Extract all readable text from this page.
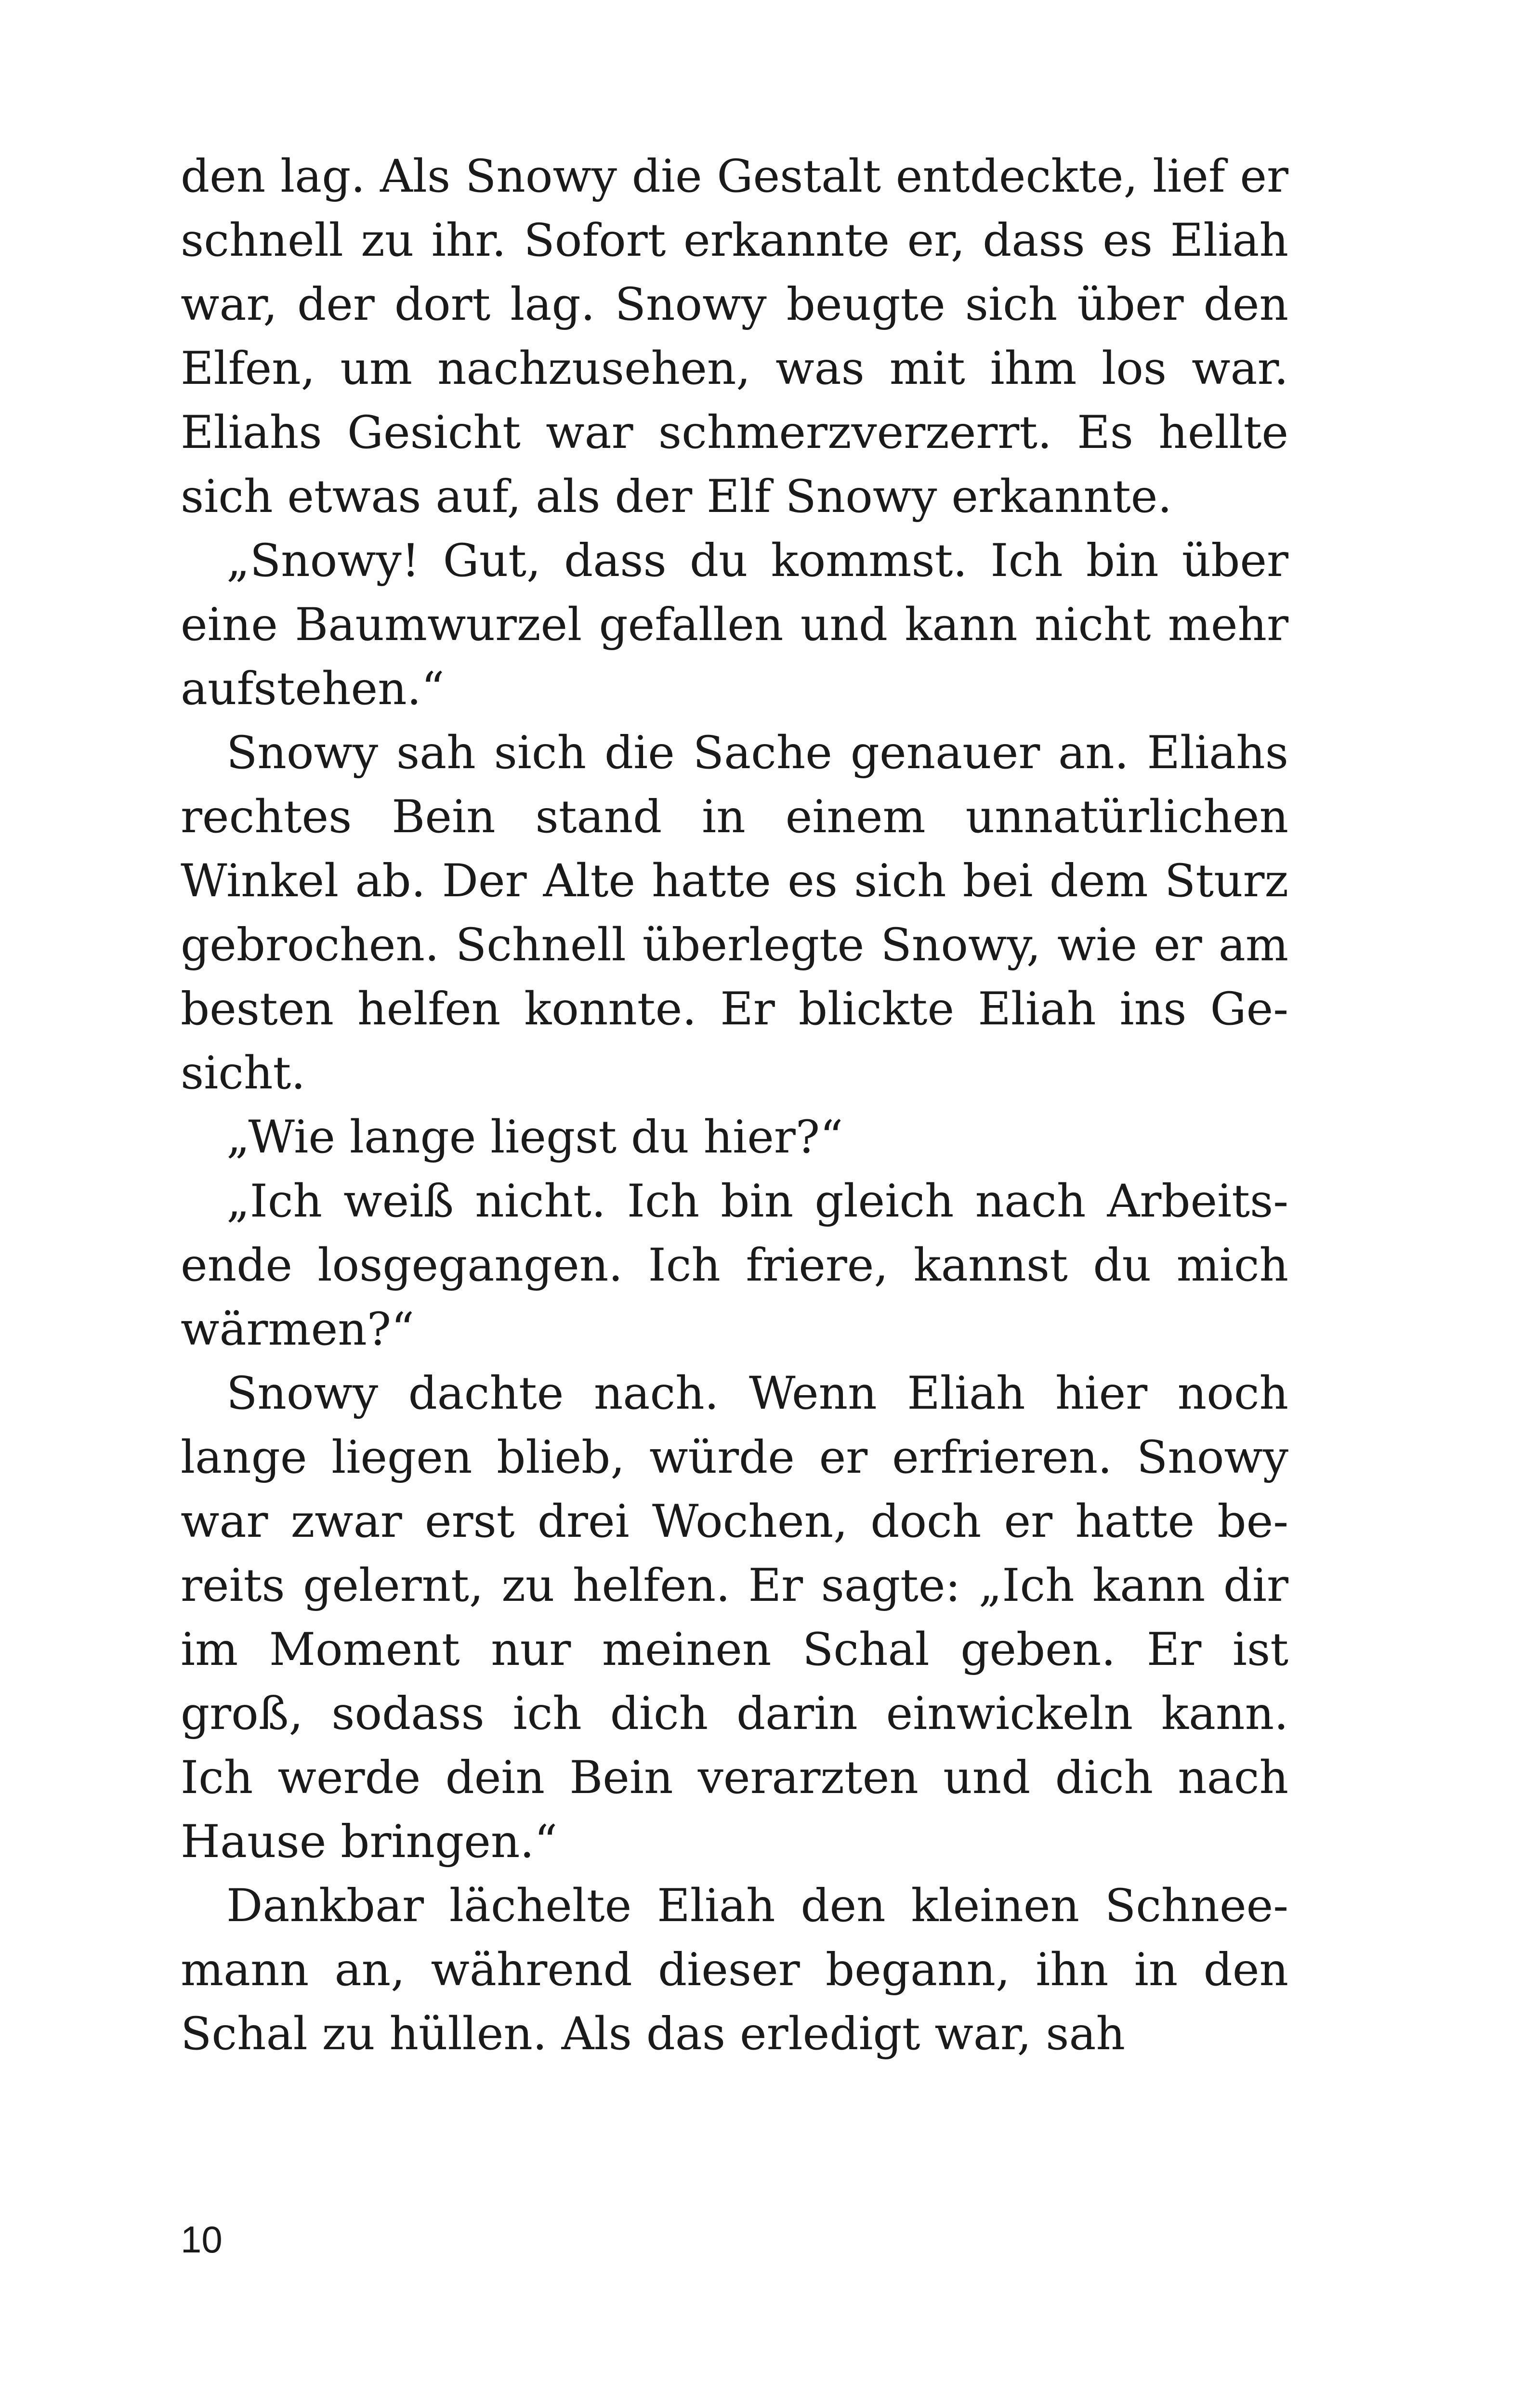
den lag. Als Snowy die Gestalt entdeckte, lief er schnell zu ihr. Sofort erkannte er, dass es Eliah war, der dort lag. Snowy beugte sich über den Elfen, um nachzusehen, was mit ihm los war. Eliahs Gesicht war schmerzverzerrt. Es hellte sich etwas auf, als der Elf Snowy erkannte.

„Snowy! Gut, dass du kommst. Ich bin über eine Baumwurzel gefallen und kann nicht mehr aufstehen.“

Snowy sah sich die Sache genauer an. Eliahs rechtes Bein stand in einem unnatürlichen Winkel ab. Der Alte hatte es sich bei dem Sturz gebrochen. Schnell überlegte Snowy, wie er am besten helfen konnte. Er blickte Eliah ins Gesicht.

„Wie lange liegst du hier?“

„Ich weiß nicht. Ich bin gleich nach Arbeitsende losgegangen. Ich friere, kannst du mich wärmen?“

Snowy dachte nach. Wenn Eliah hier noch lange liegen blieb, würde er erfrieren. Snowy war zwar erst drei Wochen, doch er hatte bereits gelernt, zu helfen. Er sagte: „Ich kann dir im Moment nur meinen Schal geben. Er ist groß, sodass ich dich darin einwickeln kann. Ich werde dein Bein verarzten und dich nach Hause bringen.“

Dankbar lächelte Eliah den kleinen Schneemann an, während dieser begann, ihn in den Schal zu hüllen. Als das erledigt war, sah

10
